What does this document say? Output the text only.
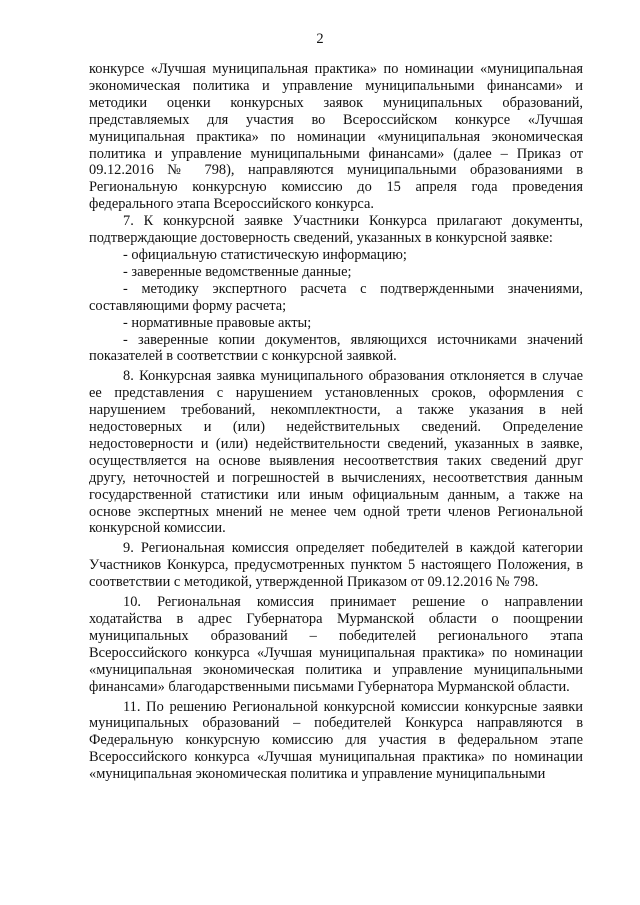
2

конкурсе «Лучшая муниципальная практика» по номинации «муниципальная экономическая политика и управление муниципальными финансами» и методики оценки конкурсных заявок муниципальных образований, представляемых для участия во Всероссийском конкурсе «Лучшая муниципальная практика» по номинации «муниципальная экономическая политика и управление муниципальными финансами» (далее – Приказ от 09.12.2016 № 798), направляются муниципальными образованиями в Региональную конкурсную комиссию до 15 апреля года проведения федерального этапа Всероссийского конкурса.

7. К конкурсной заявке Участники Конкурса прилагают документы, подтверждающие достоверность сведений, указанных в конкурсной заявке:

- официальную статистическую информацию;

- заверенные ведомственные данные;

- методику экспертного расчета с подтвержденными значениями, составляющими форму расчета;

- нормативные правовые акты;

- заверенные копии документов, являющихся источниками значений показателей в соответствии с конкурсной заявкой.

8. Конкурсная заявка муниципального образования отклоняется в случае ее представления с нарушением установленных сроков, оформления с нарушением требований, некомплектности, а также указания в ней недостоверных и (или) недействительных сведений. Определение недостоверности и (или) недействительности сведений, указанных в заявке, осуществляется на основе выявления несоответствия таких сведений друг другу, неточностей и погрешностей в вычислениях, несоответствия данным государственной статистики или иным официальным данным, а также на основе экспертных мнений не менее чем одной трети членов Региональной конкурсной комиссии.

9. Региональная комиссия определяет победителей в каждой категории Участников Конкурса, предусмотренных пунктом 5 настоящего Положения, в соответствии с методикой, утвержденной Приказом от 09.12.2016 № 798.

10. Региональная комиссия принимает решение о направлении ходатайства в адрес Губернатора Мурманской области о поощрении муниципальных образований – победителей регионального этапа Всероссийского конкурса «Лучшая муниципальная практика» по номинации «муниципальная экономическая политика и управление муниципальными финансами» благодарственными письмами Губернатора Мурманской области.

11. По решению Региональной конкурсной комиссии конкурсные заявки муниципальных образований – победителей Конкурса направляются в Федеральную конкурсную комиссию для участия в федеральном этапе Всероссийского конкурса «Лучшая муниципальная практика» по номинации «муниципальная экономическая политика и управление муниципальными
